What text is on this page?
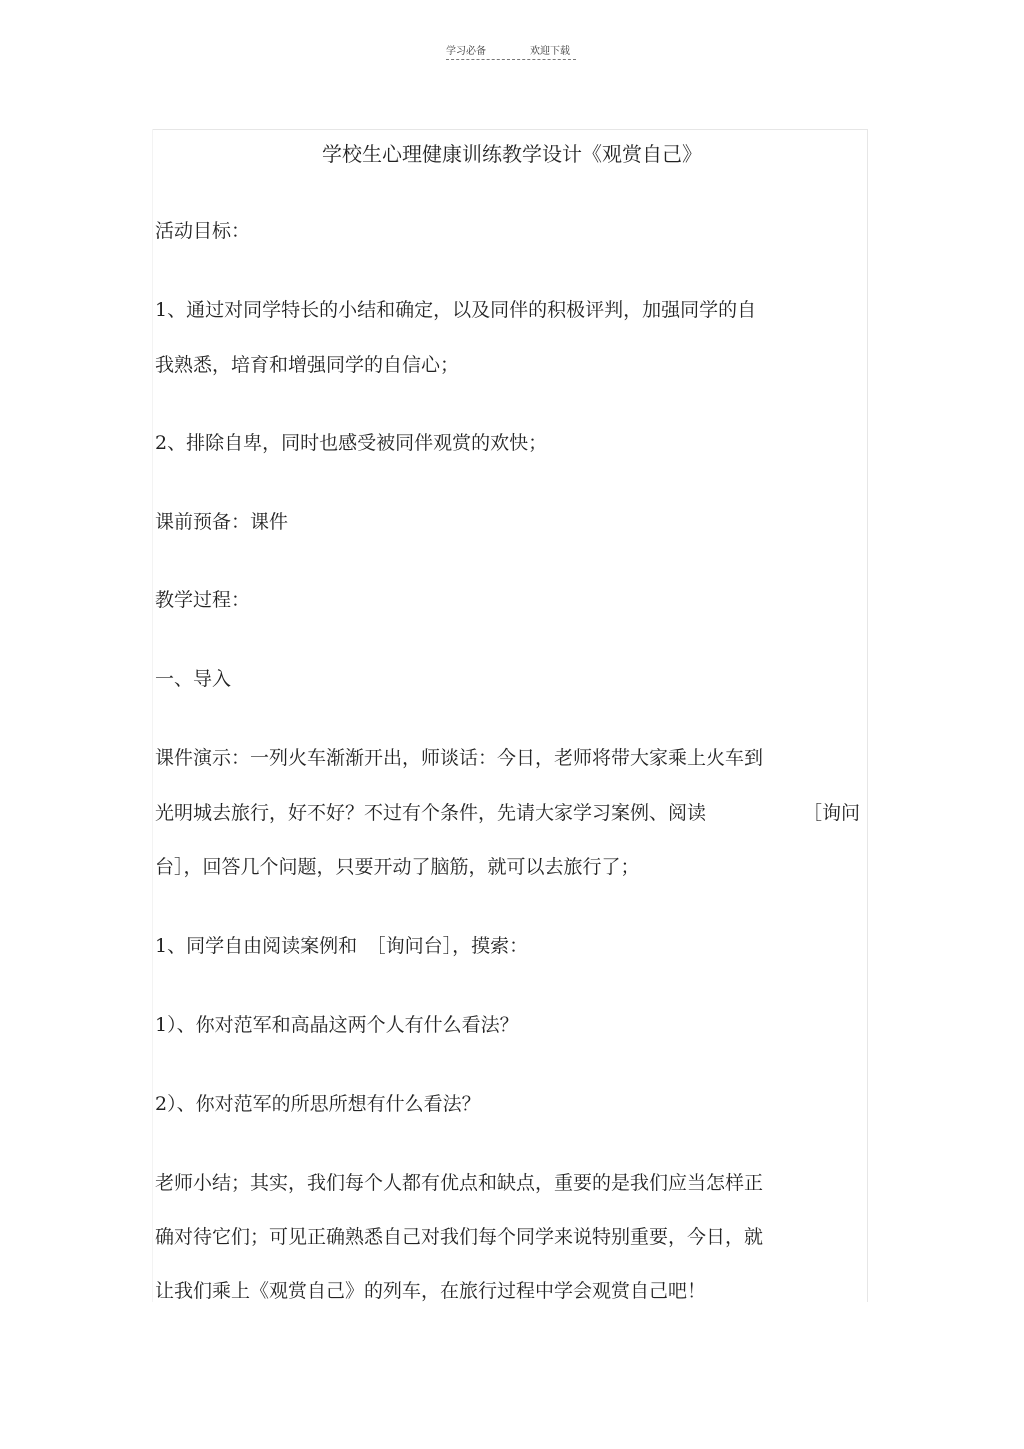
学习必备	欢迎下载
学校生心理健康训练教学设计《观赏自己》
活动目标：
1、通过对同学特长的小结和确定，以及同伴的积极评判，加强同学的自
我熟悉，培育和增强同学的自信心；
2、排除自卑，同时也感受被同伴观赏的欢快；
课前预备：课件
教学过程：
一、导入
课件演示：一列火车渐渐开出，师谈话：今日，老师将带大家乘上火车到
光明城去旅行，好不好？不过有个条件，先请大家学习案例、阅读	［询问
台］，回答几个问题，只要开动了脑筋，就可以去旅行了；
1、同学自由阅读案例和　［询问台］，摸索：
1）、你对范军和高晶这两个人有什么看法？
2）、你对范军的所思所想有什么看法？
老师小结；其实，我们每个人都有优点和缺点，重要的是我们应当怎样正
确对待它们；可见正确熟悉自己对我们每个同学来说特别重要，今日，就
让我们乘上《观赏自己》的列车，在旅行过程中学会观赏自己吧！
